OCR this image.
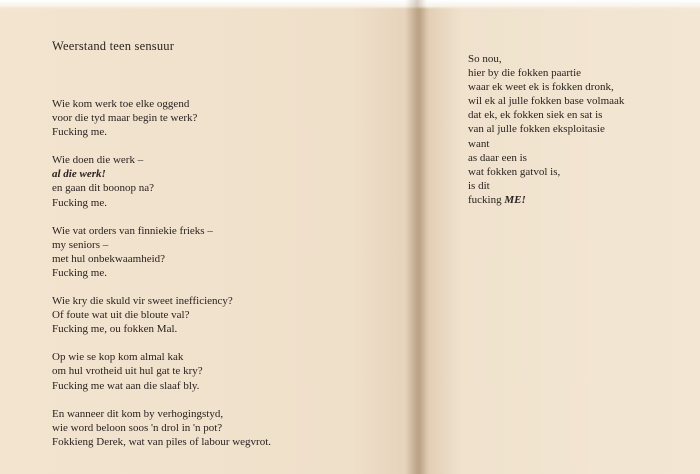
Weerstand teen sensuur
Wie kom werk toe elke oggend
voor die tyd maar begin te werk?
Fucking me.
Wie doen die werk –
al die werk!
en gaan dit boonop na?
Fucking me.
Wie vat orders van finniekie frieks –
my seniors –
met hul onbekwaamheid?
Fucking me.
Wie kry die skuld vir sweet inefficiency?
Of foute wat uit die bloute val?
Fucking me, ou fokken Mal.
Op wie se kop kom almal kak
om hul vrotheid uit hul gat te kry?
Fucking me wat aan die slaaf bly.
En wanneer dit kom by verhogingstyd,
wie word beloon soos 'n drol in 'n pot?
Fokkieng Derek, wat van piles of labour wegvrot.
So nou,
hier by die fokken paartie
waar ek weet ek is fokken dronk,
wil ek al julle fokken base volmaak
dat ek, ek fokken siek en sat is
van al julle fokken eksploitasie
want
as daar een is
wat fokken gatvol is,
is dit
fucking ME!
